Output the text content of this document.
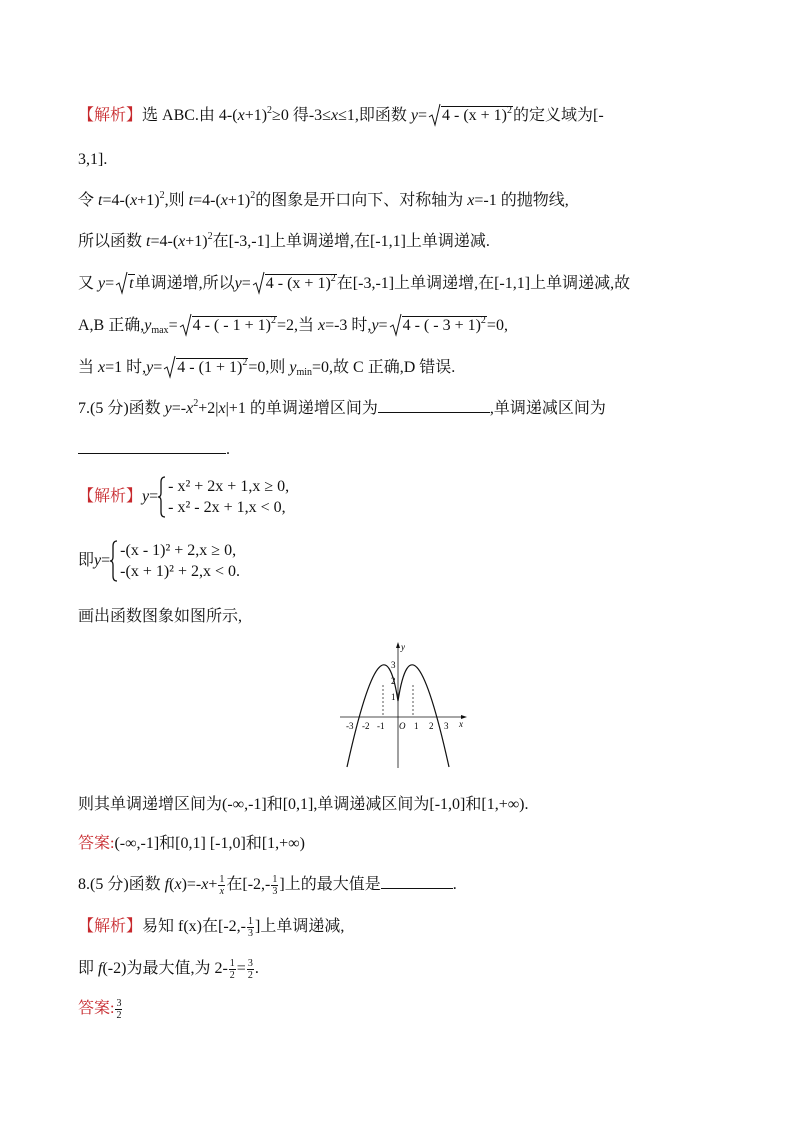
【解析】选 ABC.由 $4-(x+1)^2\ge 0$ 得-3≤x≤1,即函数 $y= 4 - (x + 1)^2$的定义域为[-
3,1].
令 $t=4-(x+1)^2$,则 $t=4-(x+1)^2$的图象是开口向下、对称轴为 x=-1 的抛物线,
所以函数 $t=4-(x+1)^2$在[-3,-1]上单调递增,在[-1,1]上单调递减.
又 y= t单调递增,所以$y= 4 - (x + 1)^2$在[-3,-1]上单调递增,在[-1,1]上单调递减,故
A,B 正确$,y_{max}= 4$ - ( - 1 + 1)$^2$=2,当 x=-3 时,y= 4 - ( - 3 + 1)$^2$=0,
当 x=1 时$,y= 4 - (1 + 1)^2=0$,则 $y_{min}=0$,故 C 正确,D 错误.
7.(5 分)函数 $y=-x^2+2|x|+1$ 的单调递增区间为	,单调递减区间为
.
【解析】 y =
- x² + 2x + 1,x ≥ 0,
- x² - 2x + 1,x < 0,
即 y =
-(x - 1)² + 2,x ≥ 0,
-(x + 1)² + 2,x < 0.
画出函数图象如图所示,
y
x
O
-3 -2 -1	1 2 3
3
2
1
则其单调递增区间为(-∞,-1]和[0,1],单调递减区间为[-1,0]和[1,+∞).
答案:(-∞,-1]和[0,1] [-1,0]和[1,+∞)
8.(5 分)函数 $f(x)=-x+ \frac{1}{x}$ 在[$-2,- \frac{1}{3}$ ]上的最大值是	.
【解析】易知 f(x)在[$-2,- \frac{1}{3}$ ]上单调递减,
即 f(-2)为最大值,为 $2- \frac{1}{2} = \frac{3}{2}$ .
答案: $\frac{3}{2}$
